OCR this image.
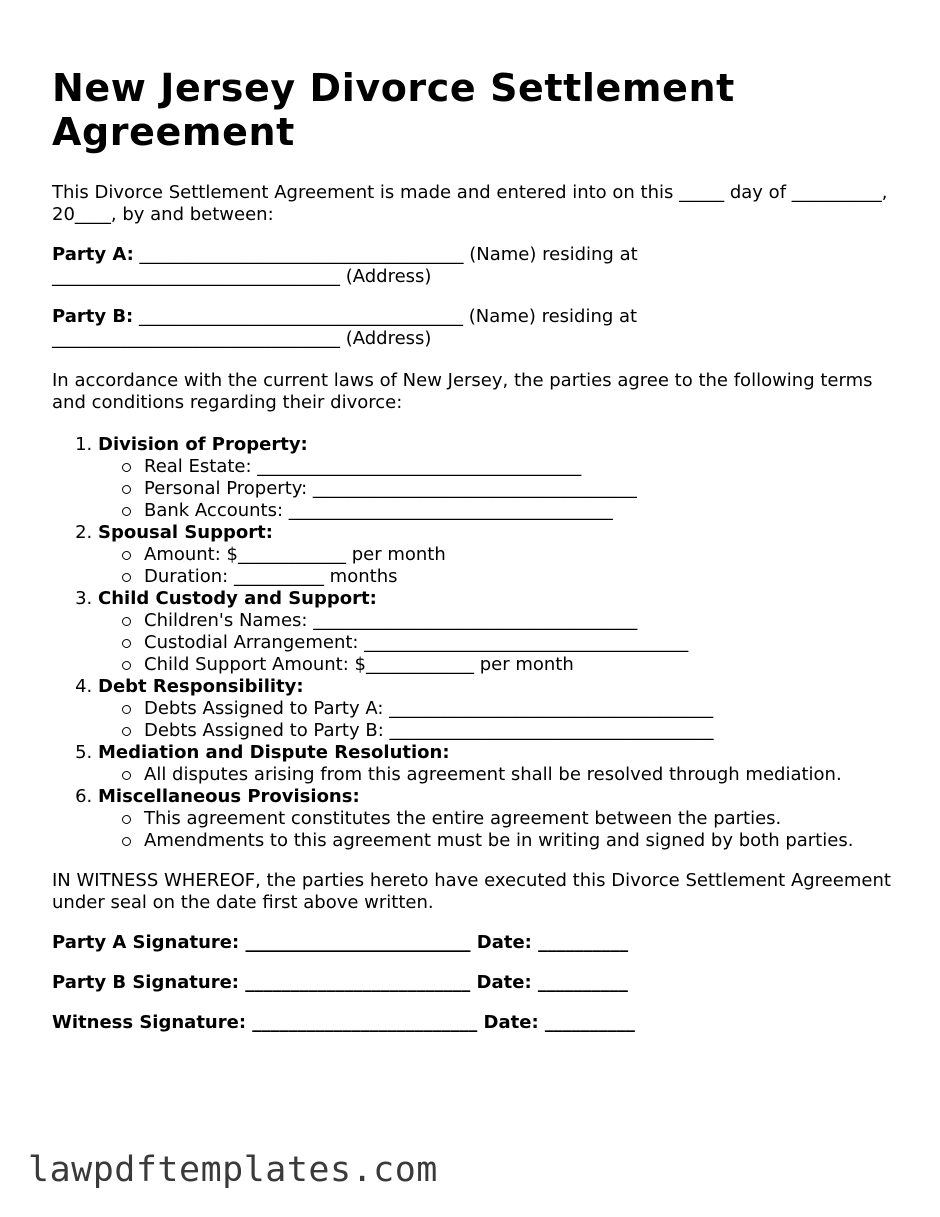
New Jersey Divorce Settlement Agreement

This Divorce Settlement Agreement is made and entered into on this _____ day of __________, 20____, by and between:

Party A: ____________________________________ (Name) residing at ________________________________ (Address)

Party B: ____________________________________ (Name) residing at ________________________________ (Address)

In accordance with the current laws of New Jersey, the parties agree to the following terms and conditions regarding their divorce:

1. Division of Property:
Real Estate: ____________________________________
Personal Property: ____________________________________
Bank Accounts: ____________________________________
2. Spousal Support:
Amount: $____________ per month
Duration: __________ months
3. Child Custody and Support:
Children's Names: ____________________________________
Custodial Arrangement: ____________________________________
Child Support Amount: $____________ per month
4. Debt Responsibility:
Debts Assigned to Party A: ____________________________________
Debts Assigned to Party B: ____________________________________
5. Mediation and Dispute Resolution:
All disputes arising from this agreement shall be resolved through mediation.
6. Miscellaneous Provisions:
This agreement constitutes the entire agreement between the parties.
Amendments to this agreement must be in writing and signed by both parties.

IN WITNESS WHEREOF, the parties hereto have executed this Divorce Settlement Agreement under seal on the date first above written.

Party A Signature: _________________________ Date: __________

Party B Signature: _________________________ Date: __________

Witness Signature: _________________________ Date: __________

lawpdftemplates.com
